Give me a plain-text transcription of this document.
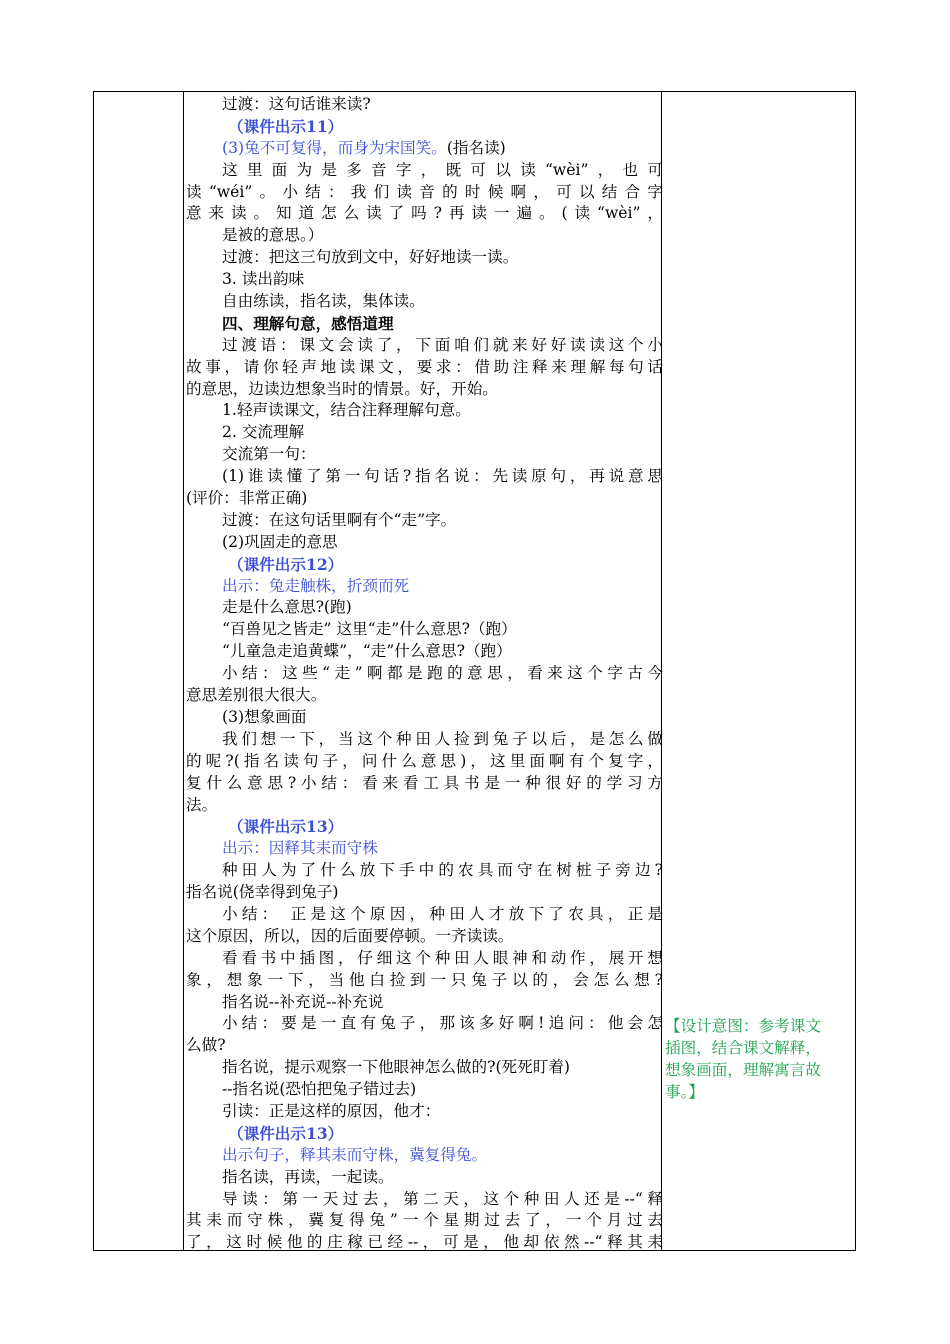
过渡：这句话谁来读?
（课件出示11）
(3)兔不可复得，而身为宋国笑。(指名读)
这里面为是多音字，既可以读“wèi”，也可
读“wéi”。小结：我们读音的时候啊，可以结合字
意来读。知道怎么读了吗?再读一遍。(读“wèi”，
是被的意思。）
过渡：把这三句放到文中，好好地读一读。
3. 读出韵味
自由练读，指名读，集体读。
四、理解句意，感悟道理
过渡语：课文会读了，下面咱们就来好好读读这个小
故事，请你轻声地读课文，要求：借助注释来理解每句话
的意思，边读边想象当时的情景。好，开始。
1.轻声读课文，结合注释理解句意。
2. 交流理解
交流第一句：
(1)谁读懂了第一句话?指名说：先读原句，再说意思
(评价：非常正确)
过渡：在这句话里啊有个“走”字。
(2)巩固走的意思
（课件出示12）
出示：兔走触株，折颈而死
走是什么意思?(跑)
“百兽见之皆走” 这里“走”什么意思?（跑）
“儿童急走追黄蝶”，“走”什么意思?（跑）
小结：这些“走”啊都是跑的意思，看来这个字古今
意思差别很大很大。
(3)想象画面
我们想一下，当这个种田人捡到兔子以后，是怎么做
的呢?(指名读句子，问什么意思)，这里面啊有个复字，
复什么意思?小结：看来看工具书是一种很好的学习方
法。
（课件出示13）
出示：因释其耒而守株
种田人为了什么放下手中的农具而守在树桩子旁边?
指名说(侥幸得到兔子)
小结： 正是这个原因，种田人才放下了农具，正是
这个原因，所以，因的后面要停顿。一齐读读。
看看书中插图，仔细这个种田人眼神和动作，展开想
象，想象一下，当他白捡到一只兔子以的，会怎么想?
指名说--补充说--补充说
小结：要是一直有兔子，那该多好啊!追问：他会怎
么做?
指名说，提示观察一下他眼神怎么做的?(死死盯着)
--指名说(恐怕把兔子错过去)
引读：正是这样的原因，他才：
（课件出示13）
出示句子，释其耒而守株，冀复得兔。
指名读，再读，一起读。
导读：第一天过去，第二天，这个种田人还是--“释
其耒而守株，冀复得兔”一个星期过去了，一个月过去
了，这时候他的庄稼已经--，可是，他却依然--“释其耒
【设计意图：参考课文
插图，结合课文解释，
想象画面，理解寓言故
事。】
